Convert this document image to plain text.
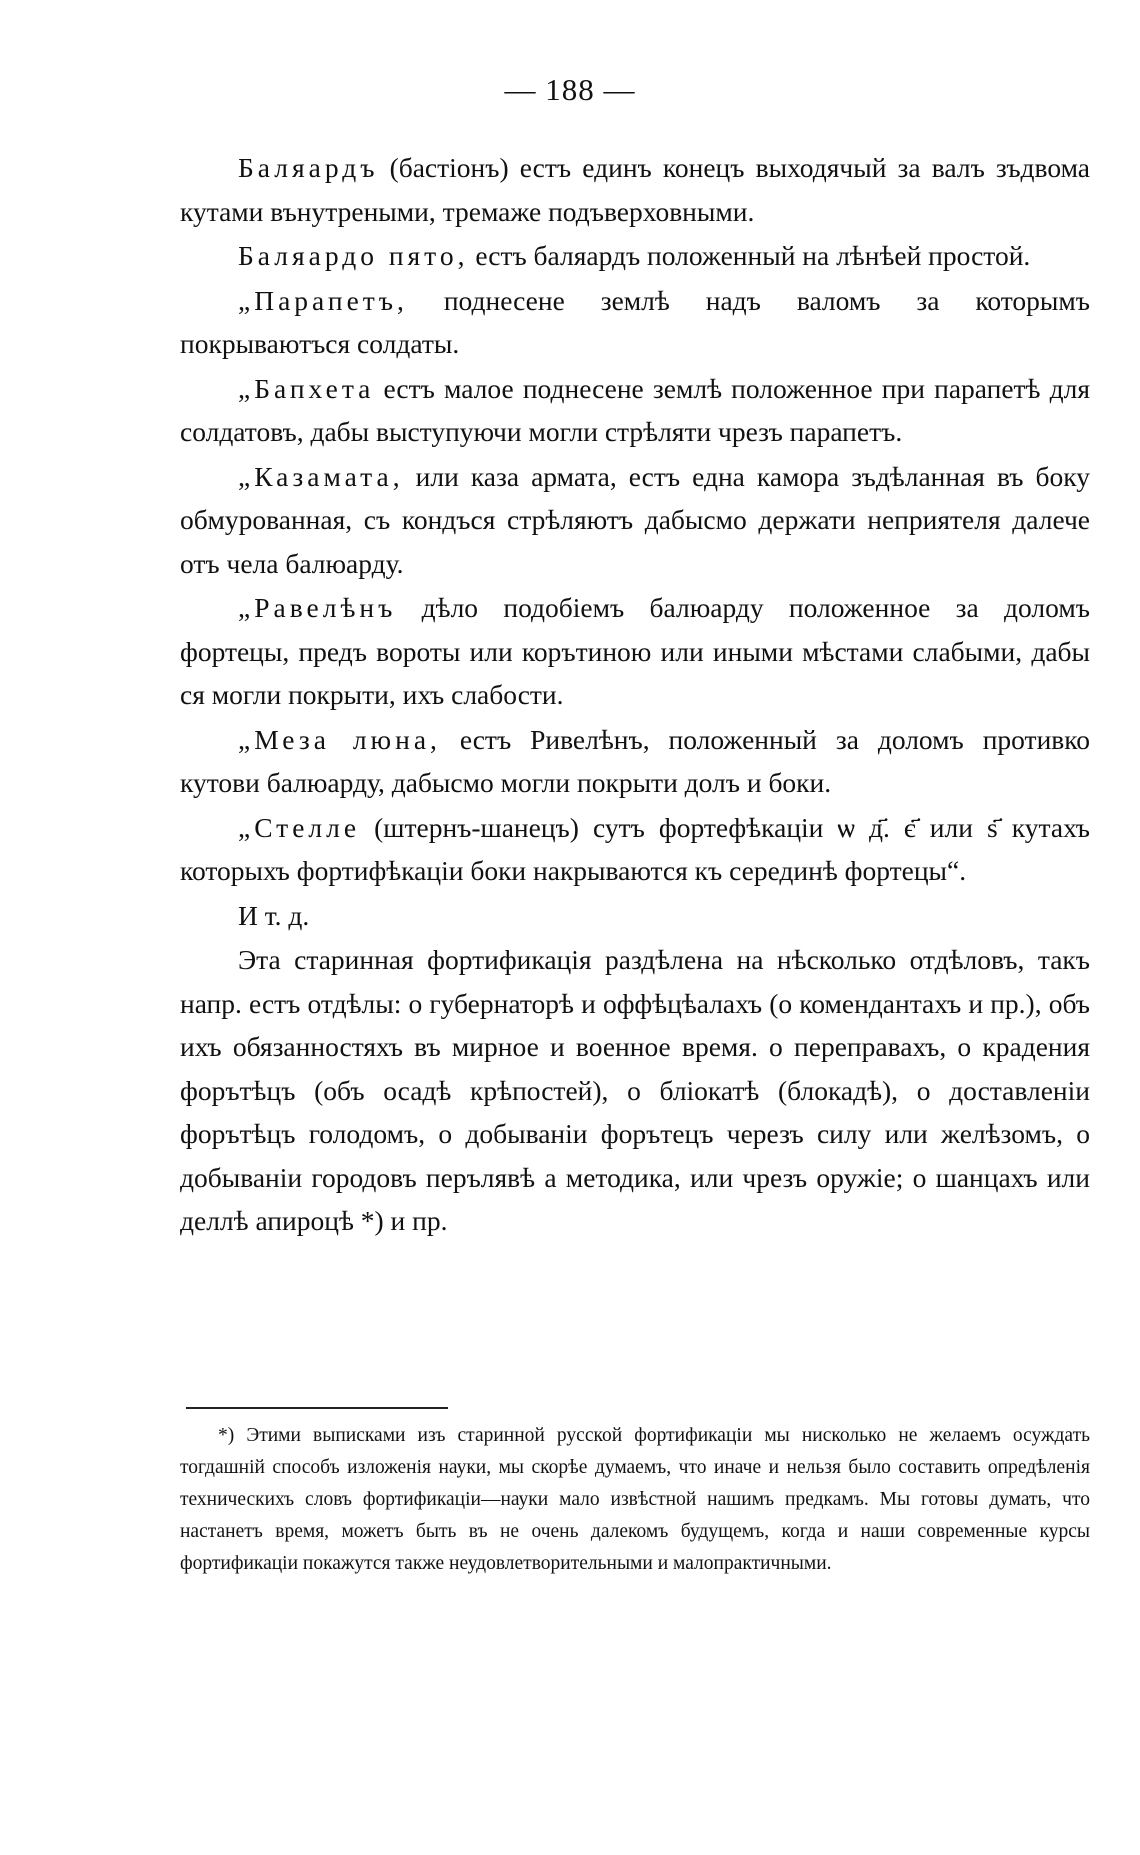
— 188 —

Баляардъ (бастіонъ) естъ единъ конецъ выходячый за валъ зъдвома кутами вънутреными, тремаже подъверховными.

Баляардо пято, естъ баляардъ положенный на лѣнѣей простой.

„Парапетъ, поднесене землѣ надъ валомъ за которымъ покрываютъся солдаты.

„Бапхета естъ малое поднесене землѣ положенное при парапетѣ для солдатовъ, дабы выступуючи могли стрѣляти чрезъ парапетъ.

„Казамата, или каза армата, естъ една камора зъдѣланная въ боку обмурованная, съ кондъся стрѣляютъ дабысмо держати неприятеля далече отъ чела балюарду.

„Равелѣнъ дѣло подобіемъ балюарду положенное за доломъ фортецы, предъ вороты или корътиною или иными мѣстами слабыми, дабы ся могли покрыти, ихъ слабости.

„Меза люна, естъ Ривелѣнъ, положенный за доломъ противко кутови балюарду, дабысмо могли покрыти долъ и боки.

„Стелле (штернъ-шанецъ) сутъ фортефѣкаціи ѡ д҃. є҃ или ѕ҃ кутахъ которыхъ фортифѣкаціи боки накрываются къ серединѣ фортецы“.

И т. д.

Эта старинная фортификація раздѣлена на нѣсколько отдѣловъ, такъ напр. естъ отдѣлы: о губернаторѣ и оффѣцѣалахъ (о комендантахъ и пр.), объ ихъ обязанностяхъ въ мирное и военное время. о переправахъ, о крадения форътѣцъ (объ осадѣ крѣпостей), о бліокатѣ (блокадѣ), о доставленіи форътѣцъ голодомъ, о добываніи форътецъ черезъ силу или желѣзомъ, о добываніи городовъ перълявѣ а методика, или чрезъ оружіе; о шанцахъ или деллѣ апироцѣ *) и пр.

*) Этими выписками изъ старинной русской фортификаціи мы нисколько не желаемъ осуждать тогдашній способъ изложенія науки, мы скорѣе думаемъ, что иначе и нельзя было составить опредѣленія техническихъ словъ фортификаціи—науки мало извѣстной нашимъ предкамъ. Мы готовы думать, что настанетъ время, можетъ быть въ не очень далекомъ будущемъ, когда и наши современные курсы фортификаціи покажутся также неудовлетворительными и малопрактичными.
